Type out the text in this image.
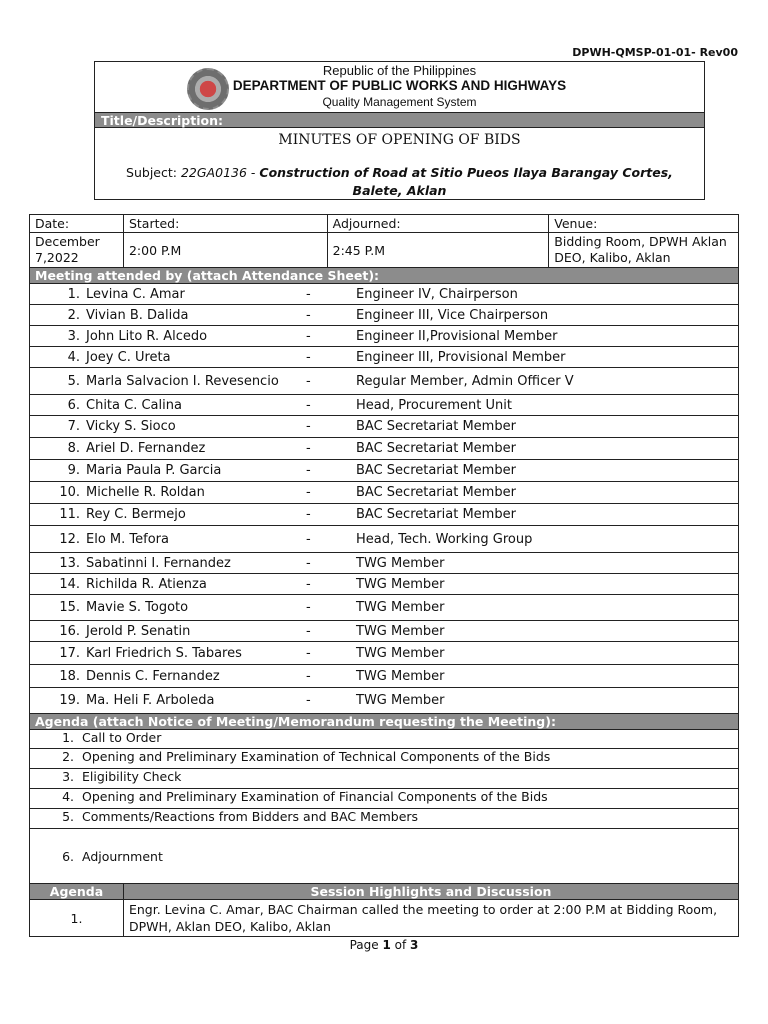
DPWH-QMSP-01-01- Rev00
Republic of the Philippines
DEPARTMENT OF PUBLIC WORKS AND HIGHWAYS
Quality Management System
Title/Description:
MINUTES OF OPENING OF BIDS
Subject: 22GA0136 - Construction of Road at Sitio Pueos Ilaya Barangay Cortes, Balete, Aklan
Date:	Started:	Adjourned:	Venue:
December 7,2022	2:00 P.M	2:45 P.M	Bidding Room, DPWH Aklan DEO, Kalibo, Aklan
Meeting attended by (attach Attendance Sheet):			

1. Levina C. Amar - Engineer IV, Chairperson			

2. Vivian B. Dalida - Engineer III, Vice Chairperson			

3. John Lito R. Alcedo - Engineer II,Provisional Member			

4. Joey C. Ureta - Engineer III, Provisional Member			

5. Marla Salvacion I. Revesencio - Regular Member, Admin Officer V			

6. Chita C. Calina - Head, Procurement Unit			

7. Vicky S. Sioco - BAC Secretariat Member			

8. Ariel D. Fernandez - BAC Secretariat Member			

9. Maria Paula P. Garcia - BAC Secretariat Member			

10. Michelle R. Roldan - BAC Secretariat Member			

11. Rey C. Bermejo - BAC Secretariat Member			

12. Elo M. Tefora - Head, Tech. Working Group			

13. Sabatinni I. Fernandez - TWG Member			

14. Richilda R. Atienza - TWG Member			

15. Mavie S. Togoto - TWG Member			

16. Jerold P. Senatin - TWG Member			

17. Karl Friedrich S. Tabares - TWG Member			

18. Dennis C. Fernandez - TWG Member			

19. Ma. Heli F. Arboleda - TWG Member			

Agenda (attach Notice of Meeting/Memorandum requesting the Meeting):			

1. Call to Order			

2. Opening and Preliminary Examination of Technical Components of the Bids			

3. Eligibility Check			

4. Opening and Preliminary Examination of Financial Components of the Bids			

5. Comments/Reactions from Bidders and BAC Members			

6. Adjournment			

Agenda	Session Highlights and Discussion		
1.	Engr. Levina C. Amar, BAC Chairman called the meeting to order at 2:00 P.M at Bidding Room, DPWH, Aklan DEO, Kalibo, Aklan		
Page 1 of 3
